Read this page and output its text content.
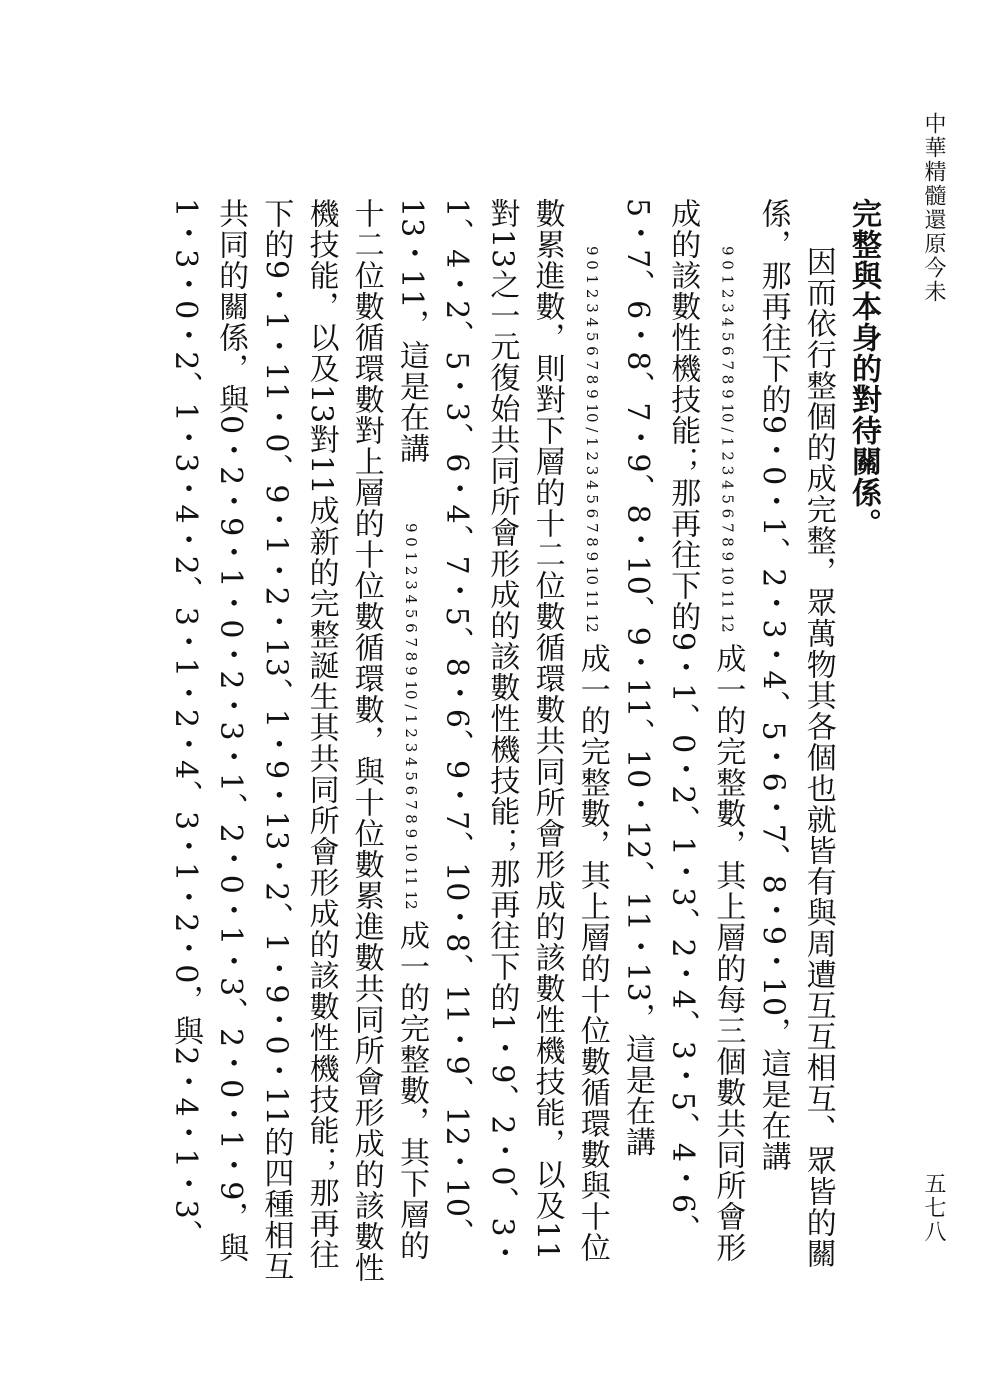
中華精髓還原今未

完整與本身的對待關係。

因而依行整個的成完整，眾萬物其各個也就皆有與周遭互互相互、眾皆的關係，那再往下的9・0・1、2・3・4、5・6・7、8・9・10，這是在講 9 0 1 2 3 4 5 6 7 8 9 10 / 1 2 3 4 5 6 7 8 9 10 11 12 成一的完整數，其上層的每三個數共同所會形成的該數性機技能；那再往下的9・1、0・2、1・3、2・4、3・5、4・6、5・7、6・8、7・9、8・10、9・11、10・12、11・13，這是在講 9 0 1 2 3 4 5 6 7 8 9 10 / 1 2 3 4 5 6 7 8 9 10 11 12 成一的完整數，其上層的十位數循環數與十位數累進數，則對下層的十二位數循環數共同所會形成的該數性機技能，以及11對13之一元復始共同所會形成的該數性機技能；那再往下的1・9、2・0、3・1、4・2、5・3、6・4、7・5、8・6、9・7、10・8、11・9、12・10、13・11，這是在講 9 0 1 2 3 4 5 6 7 8 9 10 / 1 2 3 4 5 6 7 8 9 10 11 12 成一的完整數，其下層的十二位數循環數對上層的十位數循環數，與十位數累進數共同所會形成的該數性機技能，以及13對11成新的完整誕生其共同所會形成的該數性機技能；那再往下的9・1・11・0、9・1・2・13、1・9・13・2、1・9・0・11的四種相互共同的關係，與0・2・9・1・0・2・3・1、2・0・1・3、2・0・1・9，與1・3・0・2、1・3・4・2、3・1・2・4、3・1・2・0，與2・4・1・3、	五七八
